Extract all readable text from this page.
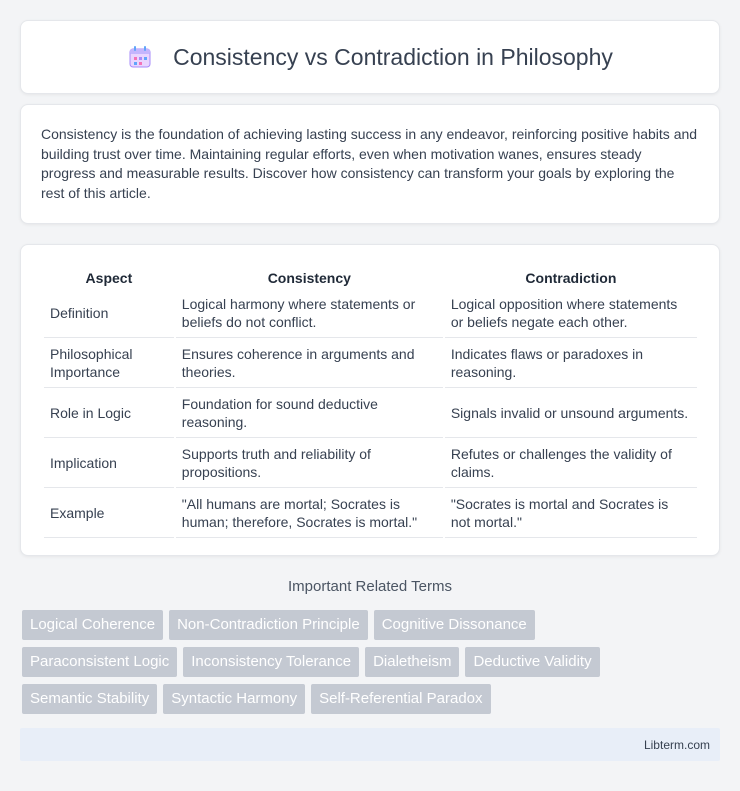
Consistency vs Contradiction in Philosophy

Consistency is the foundation of achieving lasting success in any endeavor, reinforcing positive habits and building trust over time. Maintaining regular efforts, even when motivation wanes, ensures steady progress and measurable results. Discover how consistency can transform your goals by exploring the rest of this article.

Aspect	Consistency	Contradiction
Definition	Logical harmony where statements or beliefs do not conflict.	Logical opposition where statements or beliefs negate each other.
Philosophical Importance	Ensures coherence in arguments and theories.	Indicates flaws or paradoxes in reasoning.
Role in Logic	Foundation for sound deductive reasoning.	Signals invalid or unsound arguments.
Implication	Supports truth and reliability of propositions.	Refutes or challenges the validity of claims.
Example	"All humans are mortal; Socrates is human; therefore, Socrates is mortal."	"Socrates is mortal and Socrates is not mortal."
Important Related Terms
Logical Coherence	Non-Contradiction Principle	Cognitive Dissonance
Paraconsistent Logic	Inconsistency Tolerance	Dialetheism	Deductive Validity
Semantic Stability	Syntactic Harmony	Self-Referential Paradox
Libterm.com
